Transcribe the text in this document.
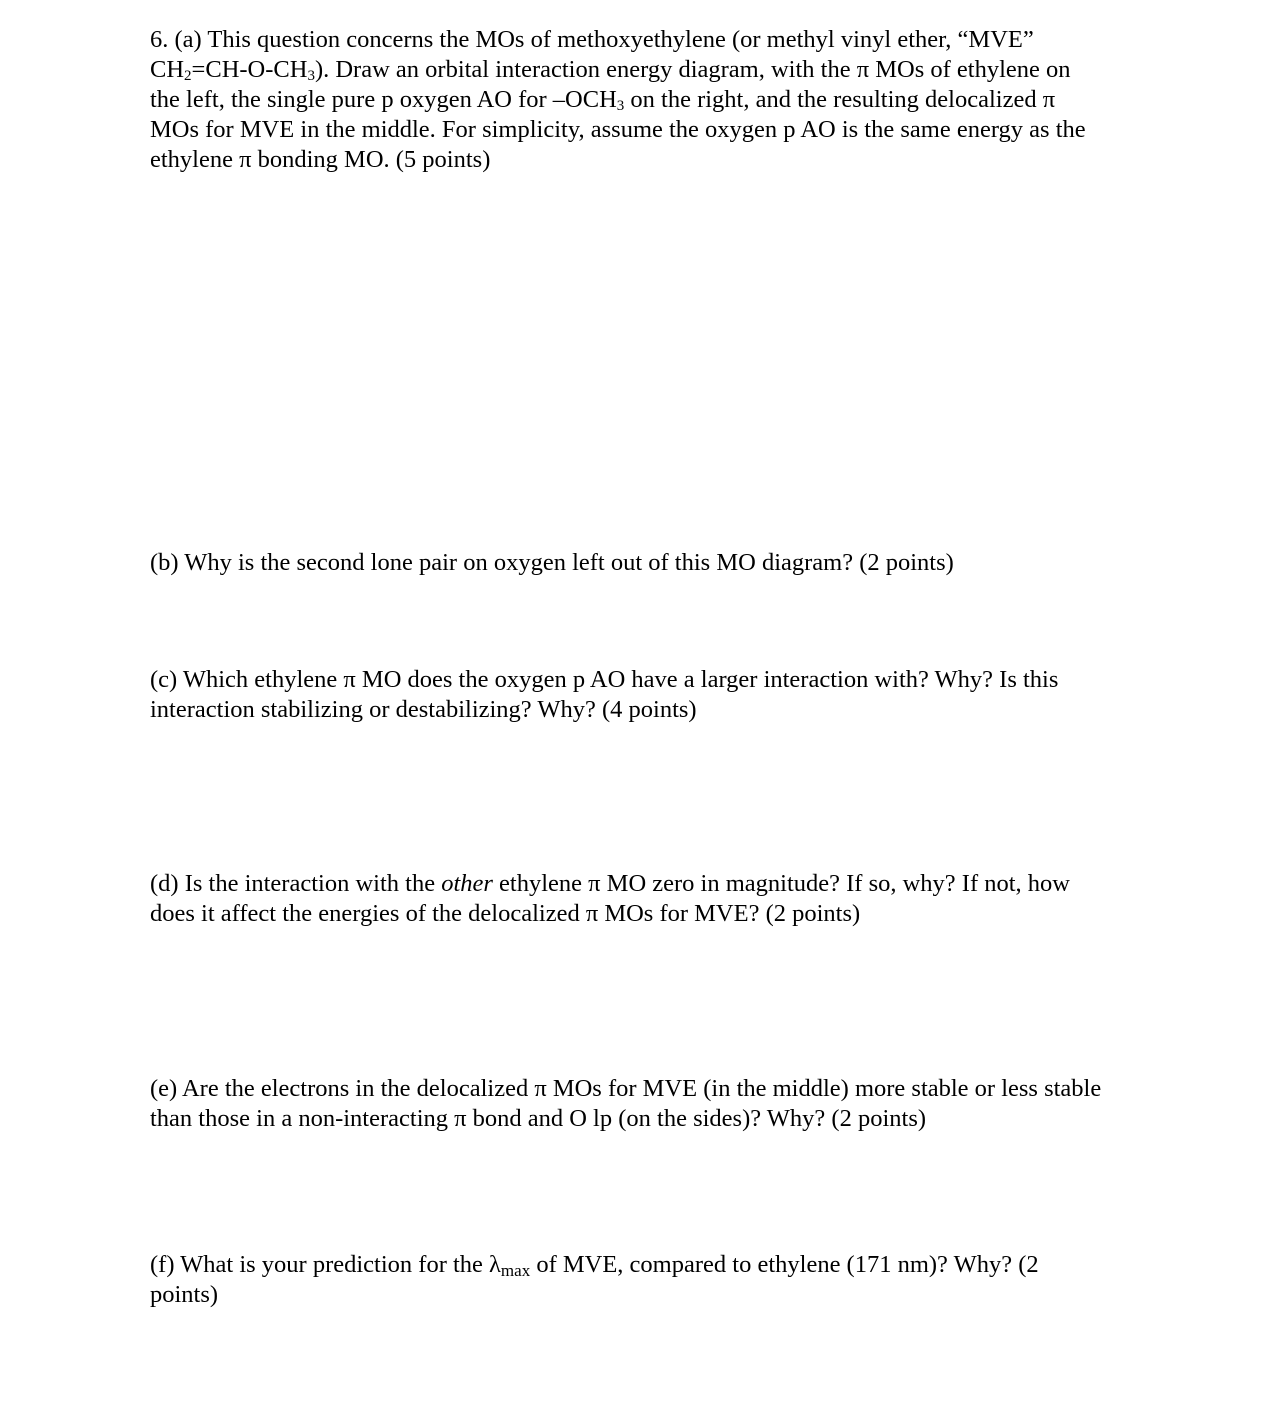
6. (a) This question concerns the MOs of methoxyethylene (or methyl vinyl ether, “MVE”
$CH_2=CH-O-CH_3$). Draw an orbital interaction energy diagram, with the π MOs of ethylene on
the left, the single pure p oxygen AO for $-OCH_3$ on the right, and the resulting delocalized π
MOs for MVE in the middle. For simplicity, assume the oxygen p AO is the same energy as the
ethylene π bonding MO. (5 points)
(b) Why is the second lone pair on oxygen left out of this MO diagram? (2 points)
(c) Which ethylene π MO does the oxygen p AO have a larger interaction with? Why? Is this
interaction stabilizing or destabilizing? Why? (4 points)
(d) Is the interaction with the other ethylene π MO zero in magnitude? If so, why? If not, how
does it affect the energies of the delocalized π MOs for MVE? (2 points)
(e) Are the electrons in the delocalized π MOs for MVE (in the middle) more stable or less stable
than those in a non-interacting π bond and O lp (on the sides)? Why? (2 points)
(f) What is your prediction for the $\lambda_{max}$ of MVE, compared to ethylene (171 nm)? Why? (2
points)
